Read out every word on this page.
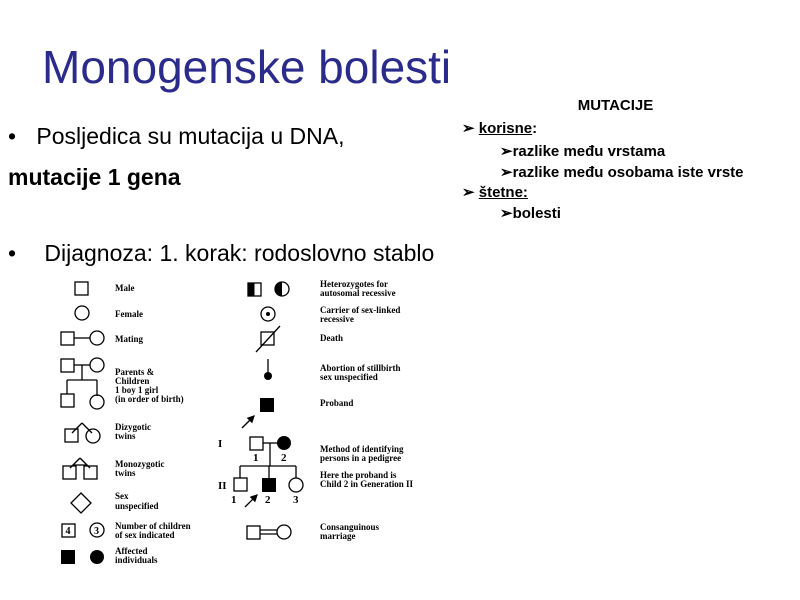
Monogenske bolesti
• Posljedica su mutacija u DNA,
mutacije 1 gena
• Dijagnoza: 1. korak: rodoslovno stablo
MUTACIJE
➢ korisne:
➢razlike među vrstama
➢razlike među osobama iste vrste
➢ štetne:
➢bolesti
Male
Female
Mating
Parents &
Children
1 boy 1 girl
(in order of birth)
Dizygotic
twins
Monozygotic
twins
Sex
unspecified
Number of children
of sex indicated
Affected
individuals
4 3
Heterozygotes for
autosomal recessive
Carrier of sex-linked
recessive
Death
Abortion of stillbirth
sex unspecified
Proband
Method of identifying
persons in a pedigree
Here the proband is
Child 2 in Generation II
Consanguinous
marriage
I
II
1 2
1	2 3
